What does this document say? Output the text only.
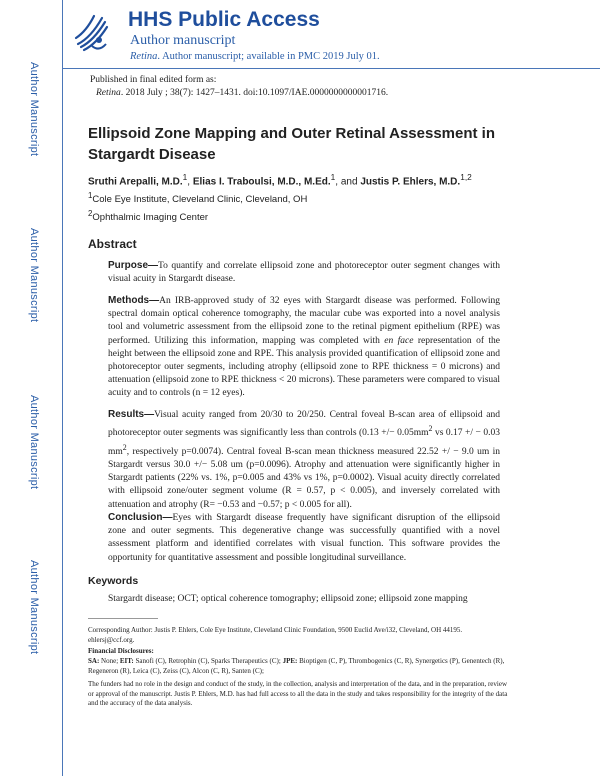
Author Manuscript
Author Manuscript
Author Manuscript
Author Manuscript
HHS Public Access
Author manuscript
Retina. Author manuscript; available in PMC 2019 July 01.
Published in final edited form as:
Retina. 2018 July ; 38(7): 1427–1431. doi:10.1097/IAE.0000000000001716.
Ellipsoid Zone Mapping and Outer Retinal Assessment in Stargardt Disease
Sruthi Arepalli, M.D.$^1$, Elias I. Traboulsi, M.D., M.Ed.$^1$, and Justis P. Ehlers, M.D.$^{1,2}$
$^1$Cole Eye Institute, Cleveland Clinic, Cleveland, OH
$^2$Ophthalmic Imaging Center
Abstract
Purpose—To quantify and correlate ellipsoid zone and photoreceptor outer segment changes with visual acuity in Stargardt disease.
Methods—An IRB-approved study of 32 eyes with Stargardt disease was performed. Following spectral domain optical coherence tomography, the macular cube was exported into a novel analysis tool and volumetric assessment from the ellipsoid zone to the retinal pigment epithelium (RPE) was performed. Utilizing this information, mapping was completed with en face representation of the height between the ellipsoid zone and RPE. This analysis provided quantification of ellipsoid zone and photoreceptor outer segments, including atrophy (ellipsoid zone to RPE thickness = 0 microns) and attenuation (ellipsoid zone to RPE thickness < 20 microns). These parameters were compared to visual acuity and to controls (n = 12 eyes).
Results—Visual acuity ranged from 20/30 to 20/250. Central foveal B-scan area of ellipsoid and photoreceptor outer segments was significantly less than controls (0.13 +/− $0.05mm^2$ vs 0.17 +/ − 0.03 $mm^2$, respectively p=0.0074). Central foveal B-scan mean thickness measured 22.52 +/ − 9.0 um in Stargardt versus 30.0 +/− 5.08 um (p=0.0096). Atrophy and attenuation were significantly higher in Stargardt patients (22% vs. 1%, p=0.005 and 43% vs 1%, p=0.0002). Visual acuity directly correlated with ellipsoid zone/outer segment volume (R = 0.57, p < 0.005), and inversely correlated with attenuation and atrophy (R= −0.53 and −0.57; p < 0.005 for all).
Conclusion—Eyes with Stargardt disease frequently have significant disruption of the ellipsoid zone and outer segments. This degenerative change was successfully quantified with a novel assessment platform and identified correlates with visual function. This software provides the opportunity for quantitative assessment and possible longitudinal surveillance.
Keywords
Stargardt disease; OCT; optical coherence tomography; ellipsoid zone; ellipsoid zone mapping
Corresponding Author: Justis P. Ehlers, Cole Eye Institute, Cleveland Clinic Foundation, 9500 Euclid Ave/i32, Cleveland, OH 44195. ehlersj@ccf.org.
Financial Disclosures:
SA: None; EIT: Sanofi (C), Retrophin (C), Sparks Therapeutics (C); JPE: Bioptigen (C, P), Thrombogenics (C, R), Synergetics (P), Genentech (R), Regeneron (R), Leica (C), Zeiss (C), Alcon (C, R), Santen (C);
The funders had no role in the design and conduct of the study, in the collection, analysis and interpretation of the data, and in the preparation, review or approval of the manuscript. Justis P. Ehlers, M.D. has had full access to all the data in the study and takes responsibility for the integrity of the data and the accuracy of the data analysis.
